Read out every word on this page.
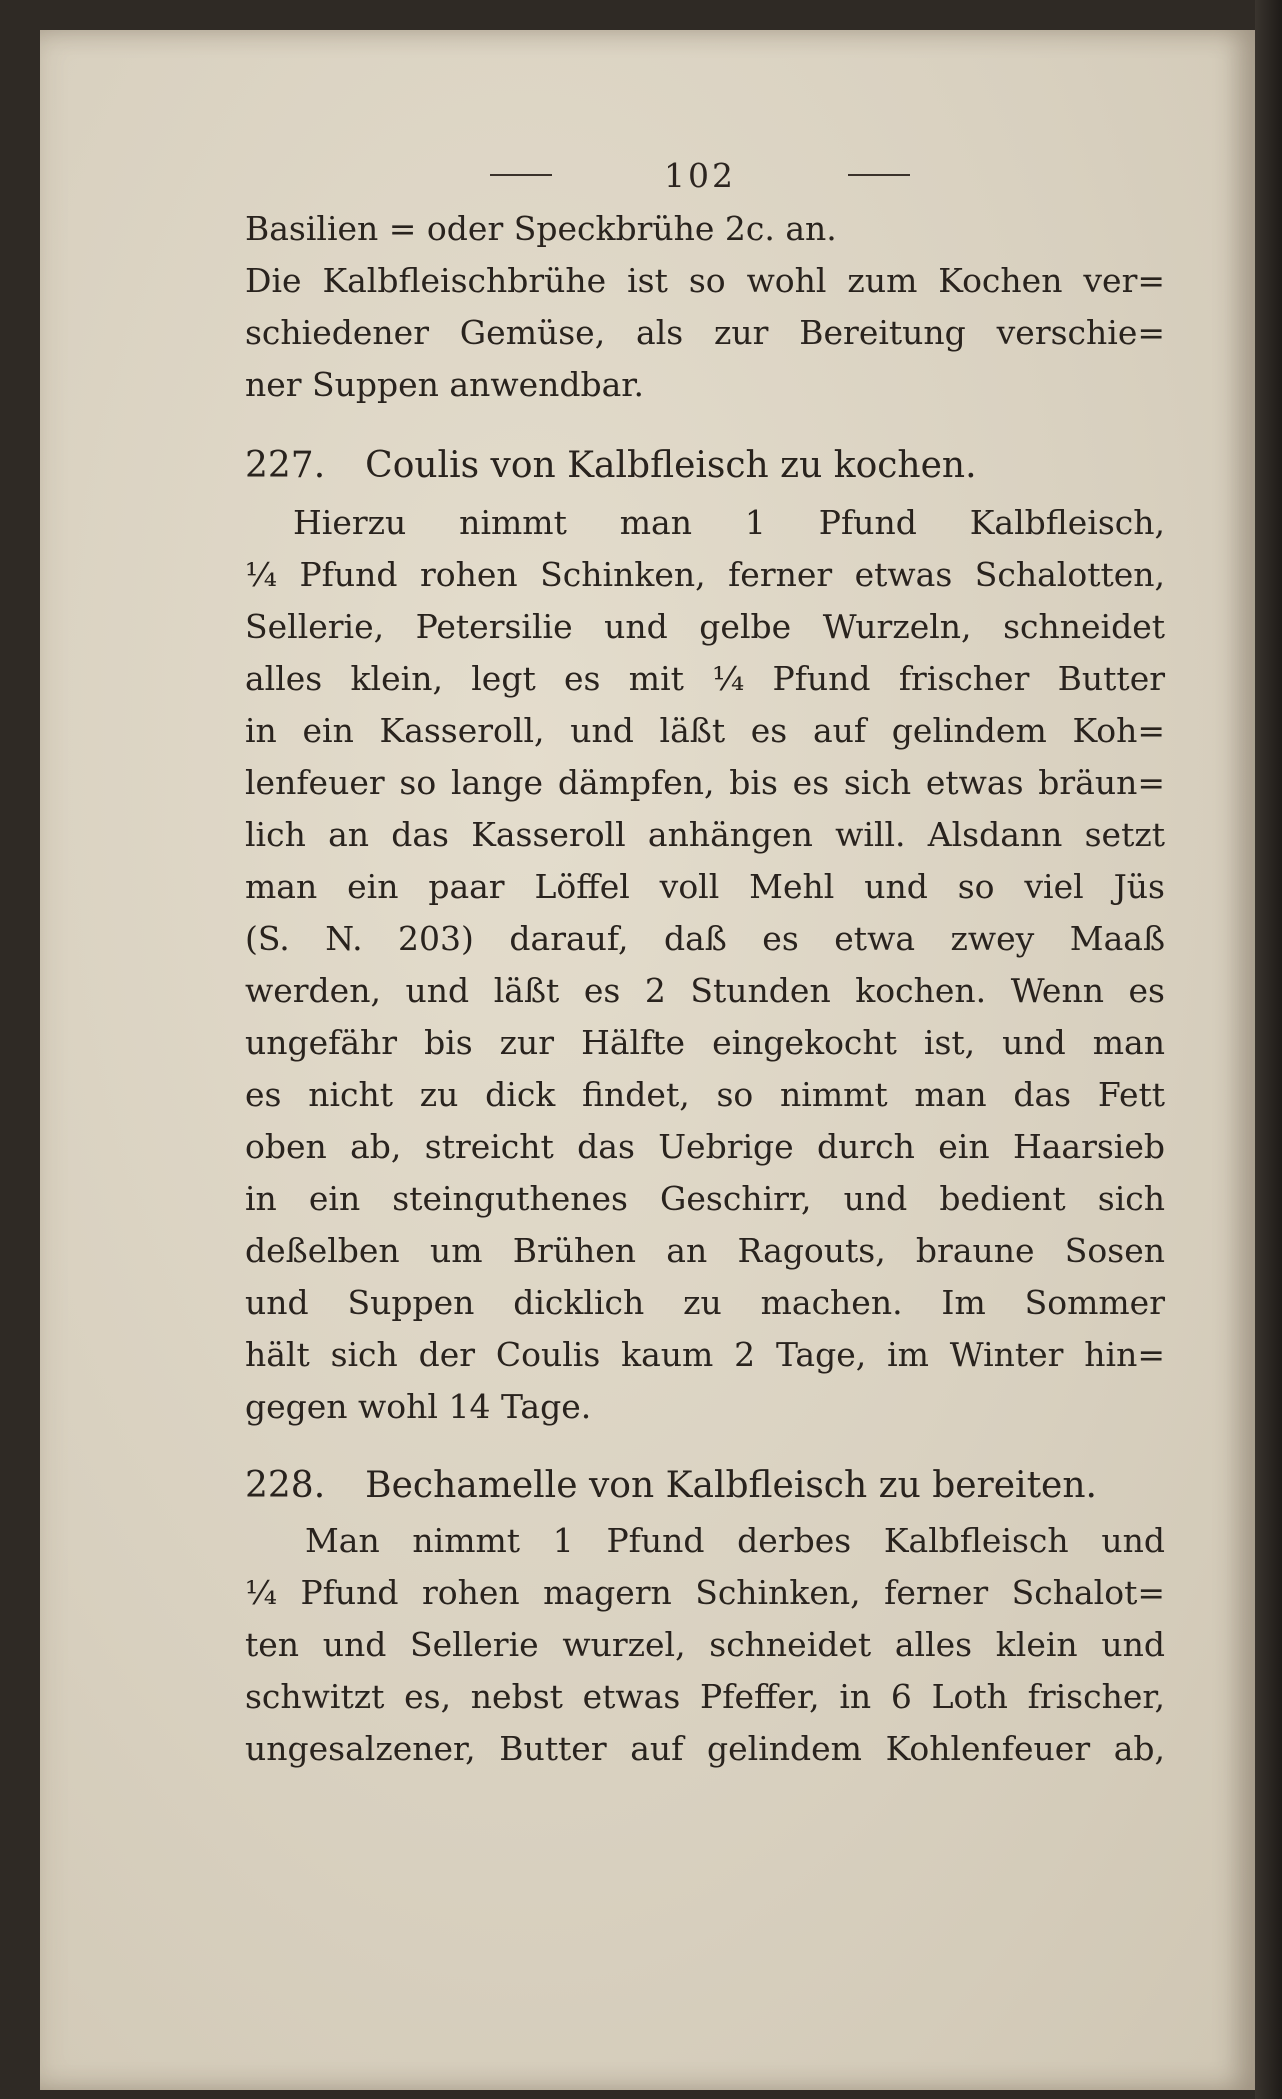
102
Basilien = oder Speckbrühe 2c. an.
Die Kalbfleischbrühe ist so wohl zum Kochen ver=
schiedener Gemüse, als zur Bereitung verschie=
ner Suppen anwendbar.
227. Coulis von Kalbfleisch zu kochen.
Hierzu nimmt man 1 Pfund Kalbfleisch,
¼ Pfund rohen Schinken, ferner etwas Schalotten,
Sellerie, Petersilie und gelbe Wurzeln, schneidet
alles klein, legt es mit ¼ Pfund frischer Butter
in ein Kasseroll, und läßt es auf gelindem Koh=
lenfeuer so lange dämpfen, bis es sich etwas bräun=
lich an das Kasseroll anhängen will. Alsdann setzt
man ein paar Löffel voll Mehl und so viel Jüs
(S. N. 203) darauf, daß es etwa zwey Maaß
werden, und läßt es 2 Stunden kochen. Wenn es
ungefähr bis zur Hälfte eingekocht ist, und man
es nicht zu dick findet, so nimmt man das Fett
oben ab, streicht das Uebrige durch ein Haarsieb
in ein steinguthenes Geschirr, und bedient sich
deßelben um Brühen an Ragouts, braune Sosen
und Suppen dicklich zu machen. Im Sommer
hält sich der Coulis kaum 2 Tage, im Winter hin=
gegen wohl 14 Tage.
228. Bechamelle von Kalbfleisch zu bereiten.
Man nimmt 1 Pfund derbes Kalbfleisch und
¼ Pfund rohen magern Schinken, ferner Schalot=
ten und Sellerie wurzel, schneidet alles klein und
schwitzt es, nebst etwas Pfeffer, in 6 Loth frischer,
ungesalzener, Butter auf gelindem Kohlenfeuer ab,
